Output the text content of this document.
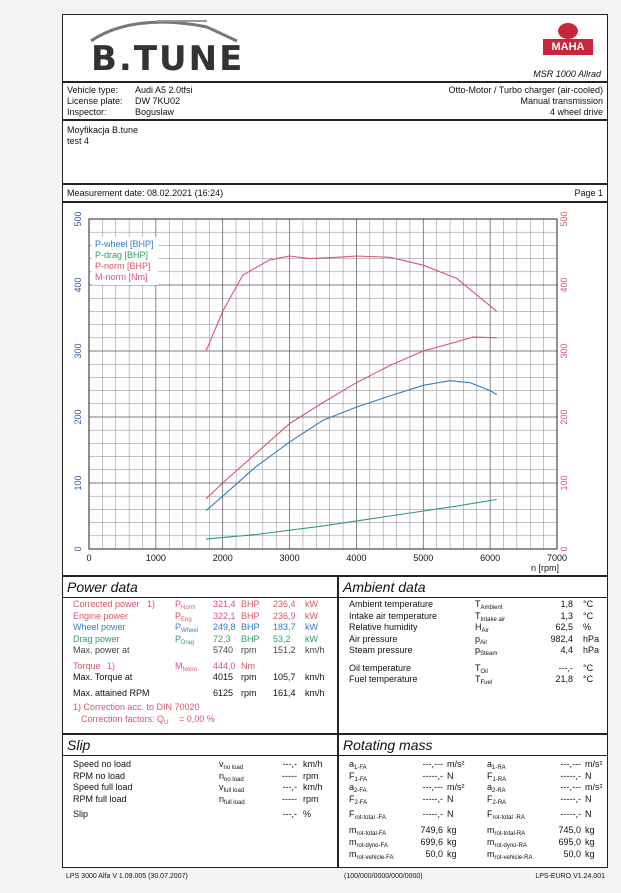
B.TUNE	MAHA
MSR 1000 Allrad
Vehicle type: Audi A5 2.0tfsi
License plate: DW 7KU02
Inspector:	Boguslaw
Otto-Motor / Turbo charger (air-cooled)
Manual transmission
4 wheel drive
Moyfikacja B.tune
test 4
Measurement date: 08.02.2021 (16:24)	Page 1
0	1000	2000	3000	4000	5000	6000	7000
n [rpm]
0
100
200
300
400
500
0
100
200
300
400
500
P-wheel [BHP]
P-drag [BHP]
P-norm [BHP]
M-norm [Nm]
Power data
Corrected power	$P_{Norm}$ 321,4 BHP 236,4 kW
1)
Engine power	$P_{Eng}$ 322,1 BHP 236,9 kW
Wheel power	$P_{Wheel}$ 249,8 BHP 183,7 kW
Drag power	$P_{Drag}$ 72,3 BHP 53,2 kW
Max. power at	5740 rpm 151,2 km/h
Torque 1)	$M_{Norm}$ 444,0 Nm
Max. Torque at	4015 rpm 105,7 km/h
Max. attained RPM	6125 rpm 161,4 km/h
1) Correction acc. to DIN 70020
Correction factors: $Q_U = 0,00$ %
Ambient data
Ambient temperature	$T_{Ambient}$	1,8 °C
Intake air temperature	$T_{Intake air}$	1,3 °C
Relative humidity	$H_{Air}$	62,5 %
Air pressure	$p_{Air}$	982,4 hPa
Steam pressure	$p_{Steam}$	4,4 hPa
Oil temperature	$T_{Oil}$	---,- °C
Fuel temperature	$T_{Fuel}$	21,8 °C
Slip
Speed no load	$v_{no load}$	---,- km/h
RPM no load	$n_{no load}$	----- rpm
Speed full load	$v_{full load}$	---,- km/h
RPM full load	$n_{full load}$	----- rpm
Slip	---,- %
Rotating mass
$a_{1-FA}$	---,--- m/s²
$F_{1-FA}$	-----,- N
$a_{2-FA}$	---,--- m/s²
$F_{2-FA}$	-----,- N
$F_{rot-total -FA}$	-----,- N
$m_{rot-total-FA}$	749,6 kg
$m_{rot-dyno-FA}$	699,6 kg
$m_{rot-vehicle-FA}$	50,0 kg
$a_{1-RA}$	---,--- m/s²
$F_{1-RA}$	-----,- N
$a_{2-RA}$	---,--- m/s²
$F_{2-RA}$	-----,- N
$F_{rot-total -RA}$	-----,- N
$m_{rot-total-RA}$	745,0 kg
$m_{rot-dyno-RA}$	695,0 kg
$m_{rot-vehicle-RA}$	50,0 kg
LPS 3000 Alfa V 1.09.005 (30.07.2007)	(100/000/0000/000/0000)	LPS-EURO V1.24.001
